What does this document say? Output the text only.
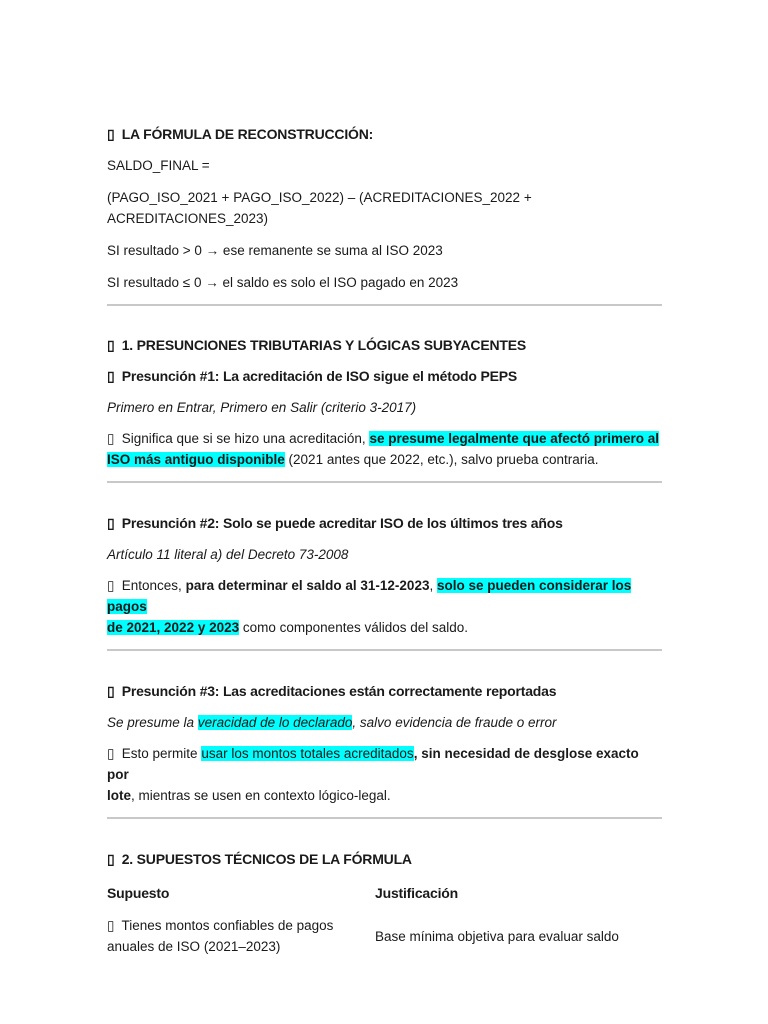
▯ LA FÓRMULA DE RECONSTRUCCIÓN:
SALDO_FINAL =
(PAGO_ISO_2021 + PAGO_ISO_2022) – (ACREDITACIONES_2022 + ACREDITACIONES_2023)
SI resultado > 0 → ese remanente se suma al ISO 2023
SI resultado ≤ 0 → el saldo es solo el ISO pagado en 2023
▯ 1. PRESUNCIONES TRIBUTARIAS Y LÓGICAS SUBYACENTES
▯ Presunción #1: La acreditación de ISO sigue el método PEPS
Primero en Entrar, Primero en Salir (criterio 3-2017)
▯ Significa que si se hizo una acreditación, se presume legalmente que afectó primero al
ISO más antiguo disponible (2021 antes que 2022, etc.), salvo prueba contraria.
▯ Presunción #2: Solo se puede acreditar ISO de los últimos tres años
Artículo 11 literal a) del Decreto 73-2008
▯ Entonces, para determinar el saldo al 31-12-2023, solo se pueden considerar los pagos
de 2021, 2022 y 2023 como componentes válidos del saldo.
▯ Presunción #3: Las acreditaciones están correctamente reportadas
Se presume la veracidad de lo declarado, salvo evidencia de fraude o error
▯ Esto permite usar los montos totales acreditados, sin necesidad de desglose exacto por
lote, mientras se usen en contexto lógico-legal.
▯ 2. SUPUESTOS TÉCNICOS DE LA FÓRMULA
Supuesto	Justificación
▯ Tienes montos confiables de pagos
anuales de ISO (2021–2023)
Base mínima objetiva para evaluar saldo
